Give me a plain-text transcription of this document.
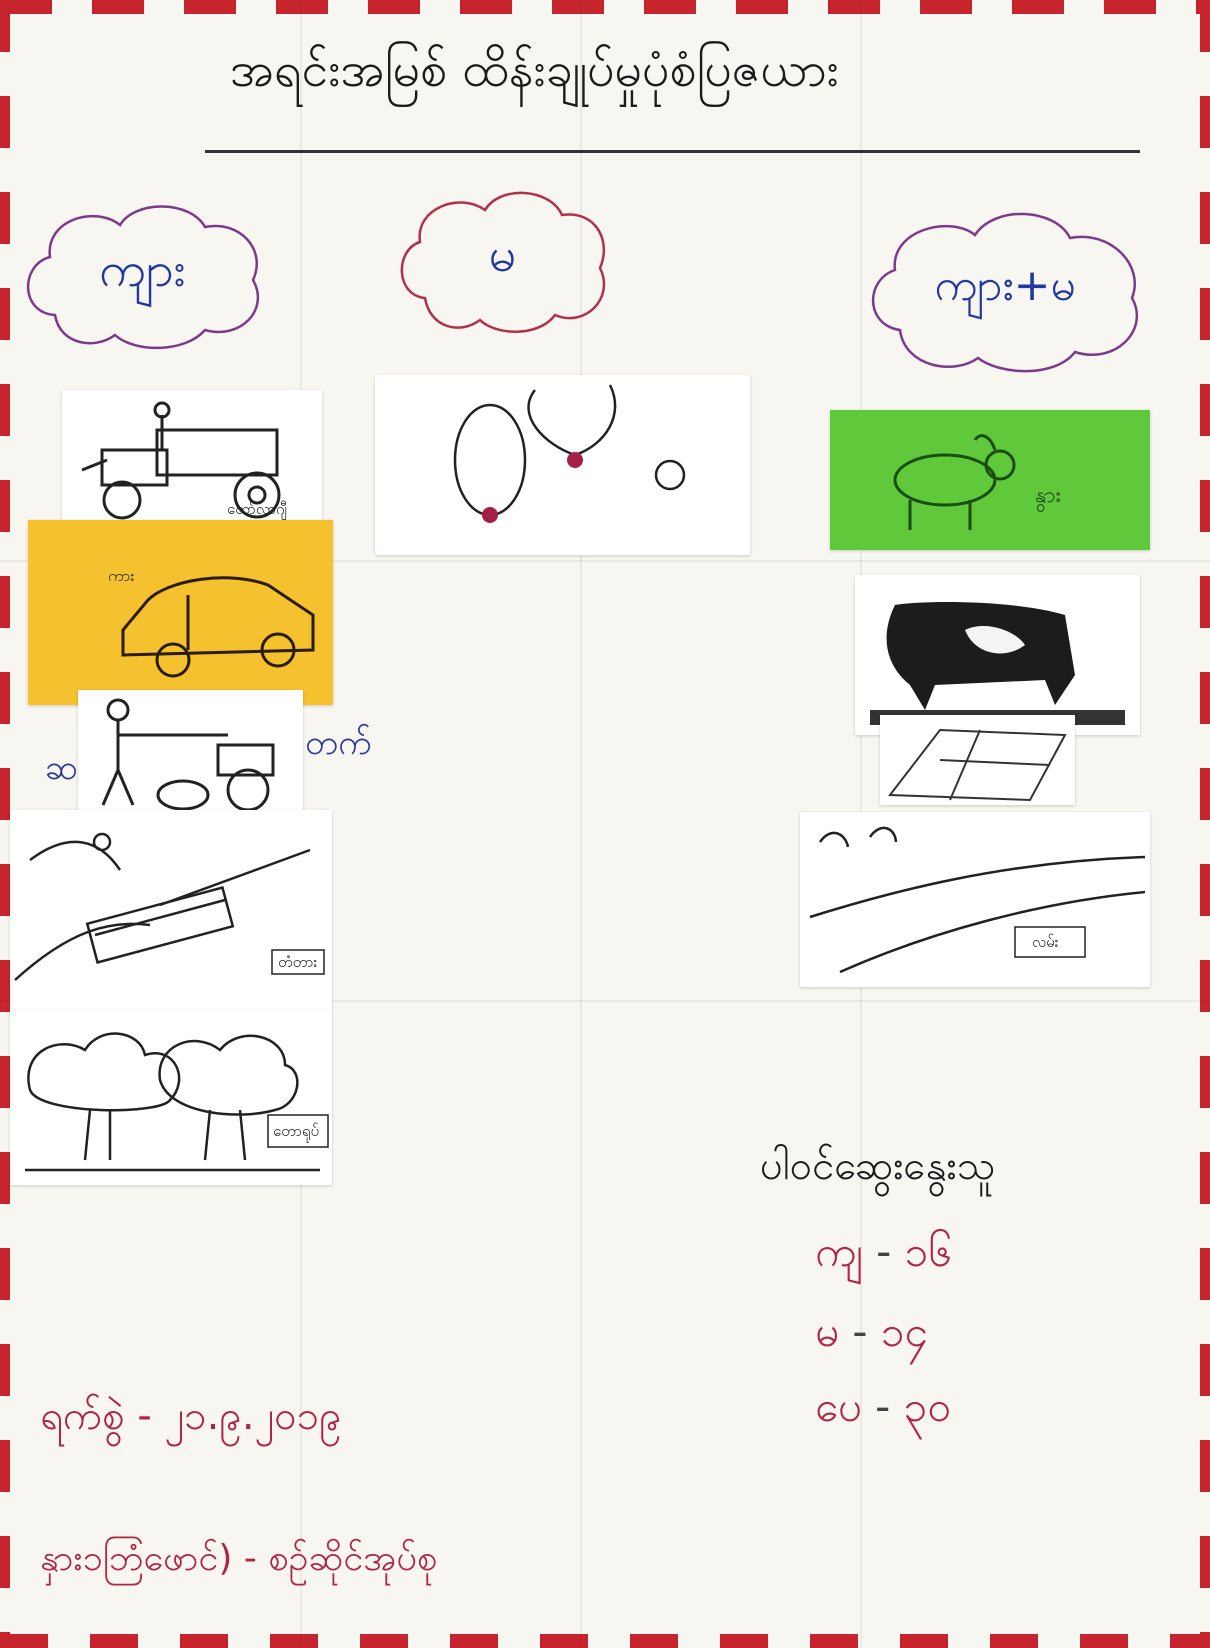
အရင်းအမြစ် ထိန်းချုပ်မှုပုံစံပြဇယား
ကျား	မ
ကျား+မ
ထော်လာဂျီ
နွား
ကား
ဆ
တက်
တံတား
လမ်း
တောရုပ်
ပါဝင်ဆွေးနွေးသူ
ကျ - ၁၆
မ - ၁၄
ပေ - ၃၀
ရက်စွဲ - ၂၁.၉.၂၀၁၉
နှား၁ဘြံဖောင်) - စဉ်ဆိုင်အုပ်စု
